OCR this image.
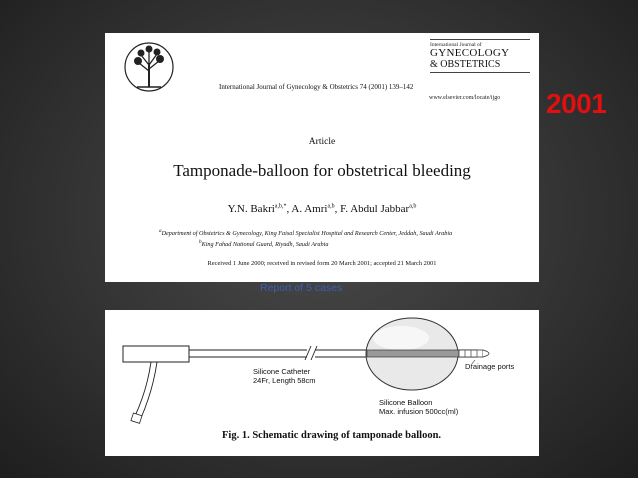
International Journal of Gynecology & Obstetrics 74 (2001) 139–142
International Journal of
GYNECOLOGY
& OBSTETRICS
www.elsevier.com/locate/ijgo
Article
Tamponade-balloon for obstetrical bleeding
Y.N. Bakri$^{a,b,*}$, A. Amri$^{a,b}$, F. Abdul Jabbar$^{a,b}$
$^a$Department of Obstetrics & Gynecology, King Faisal Specialist Hospital and Research Center, Jeddah, Saudi Arabia
$^b$King Fahad National Guard, Riyadh, Saudi Arabia
Received 1 June 2000; received in revised form 20 March 2001; accepted 21 March 2001
2001
Report of 5 cases
Silicone Catheter
24Fr, Length 58cm
Silicone Balloon
Max. infusion 500cc(ml)
Drainage ports
Fig. 1. Schematic drawing of tamponade balloon.
